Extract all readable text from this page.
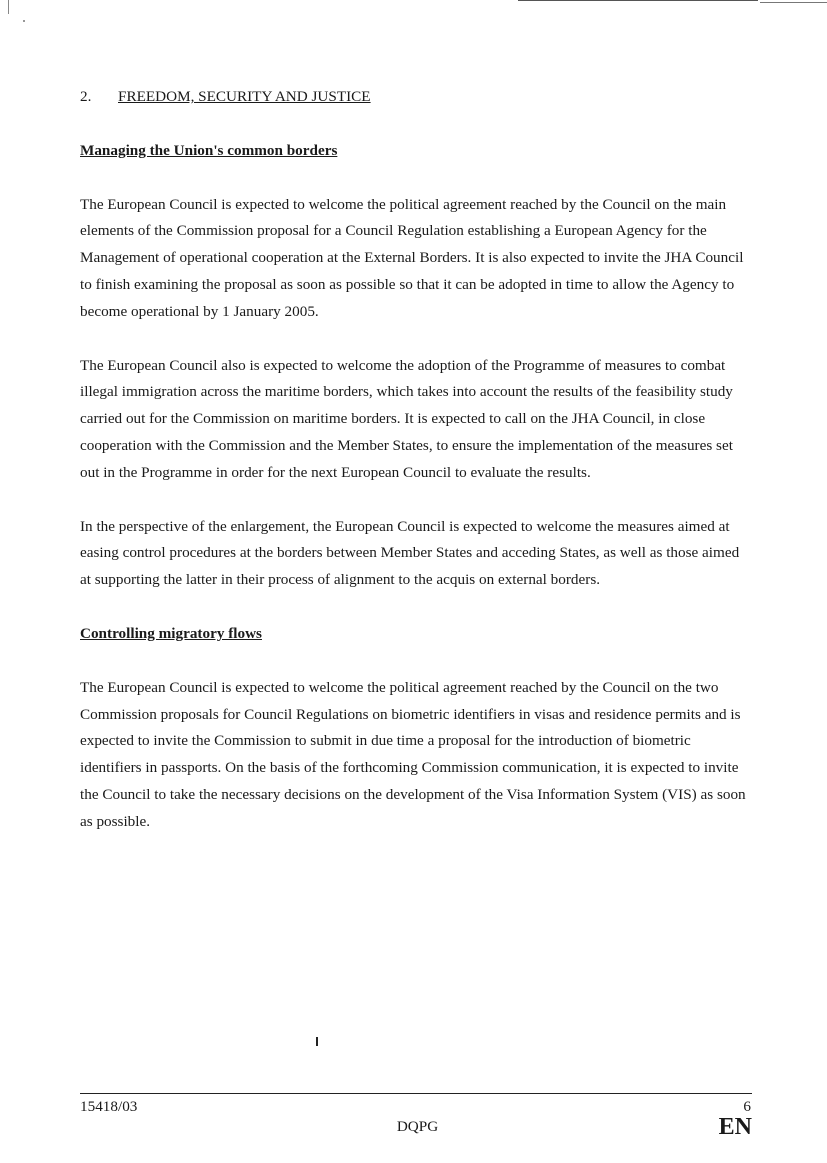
2. FREEDOM, SECURITY AND JUSTICE
Managing the Union's common borders

The European Council is expected to welcome the political agreement reached by the Council on the main elements of the Commission proposal for a Council Regulation establishing a European Agency for the Management of operational cooperation at the External Borders. It is also expected to invite the JHA Council to finish examining the proposal as soon as possible so that it can be adopted in time to allow the Agency to become operational by 1 January 2005.

The European Council also is expected to welcome the adoption of the Programme of measures to combat illegal immigration across the maritime borders, which takes into account the results of the feasibility study carried out for the Commission on maritime borders. It is expected to call on the JHA Council, in close cooperation with the Commission and the Member States, to ensure the implementation of the measures set out in the Programme in order for the next European Council to evaluate the results.

In the perspective of the enlargement, the European Council is expected to welcome the measures aimed at easing control procedures at the borders between Member States and acceding States, as well as those aimed at supporting the latter in their process of alignment to the acquis on external borders.

Controlling migratory flows

The European Council is expected to welcome the political agreement reached by the Council on the two Commission proposals for Council Regulations on biometric identifiers in visas and residence permits and is expected to invite the Commission to submit in due time a proposal for the introduction of biometric identifiers in passports. On the basis of the forthcoming Commission communication, it is expected to invite the Council to take the necessary decisions on the development of the Visa Information System (VIS) as soon as possible.

15418/03
DQPG
6
EN
